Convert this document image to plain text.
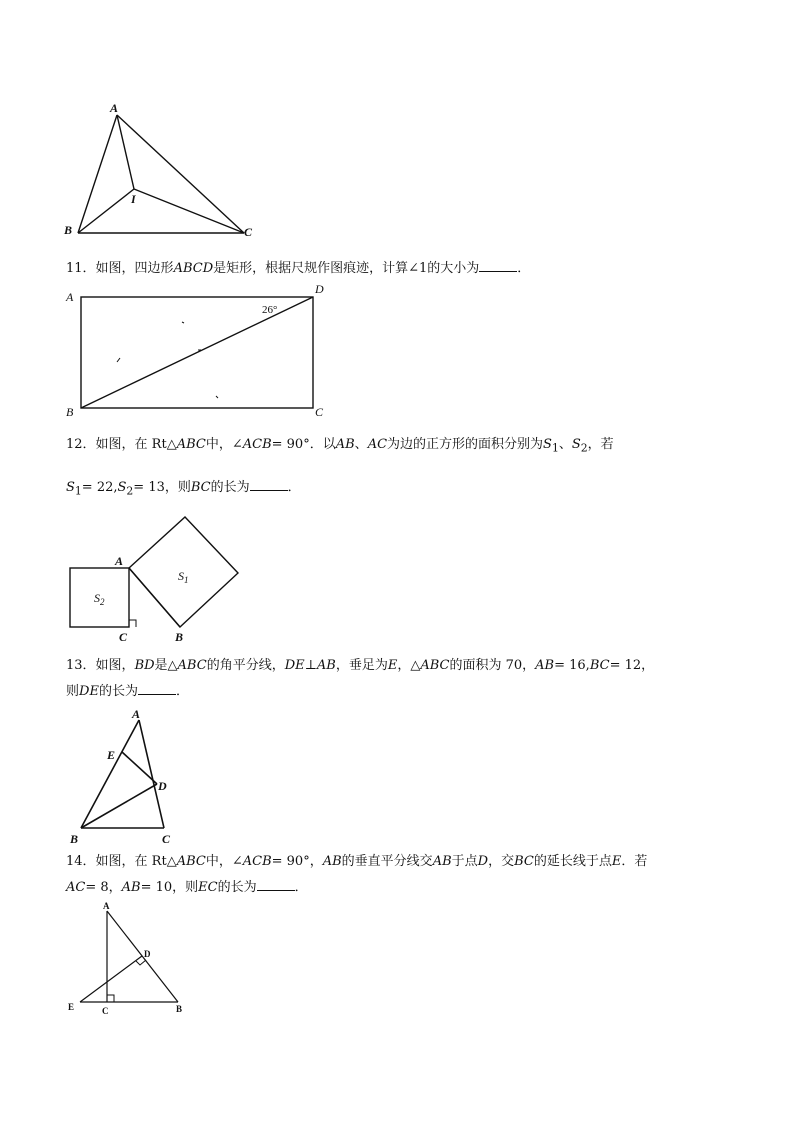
A
B	C
I
11．如图，四边形ABCD是矩形，根据尺规作图痕迹，计算∠1的大小为	．
A
B	C
D
26°
12．如图，在 Rt△ABC中，∠ACB= 90°．以AB、AC为边的正方形的面积分别为$S_1$、$S_2$，若
$S_1= 22,S_2= 13$，则BC的长为	．
A
C	B
$S_2$
$S_1$
13．如图，BD是△ABC的角平分线，DE⊥AB，垂足为E，△ABC的面积为 70，AB= 16,BC= 12，
则DE的长为	．
A
E
D
B	C
14．如图，在 Rt△ABC中，∠ACB= 90°，AB的垂直平分线交AB于点D，交BC的延长线于点E．若
AC= 8，AB= 10，则EC的长为	．
A
D
E	C	B
